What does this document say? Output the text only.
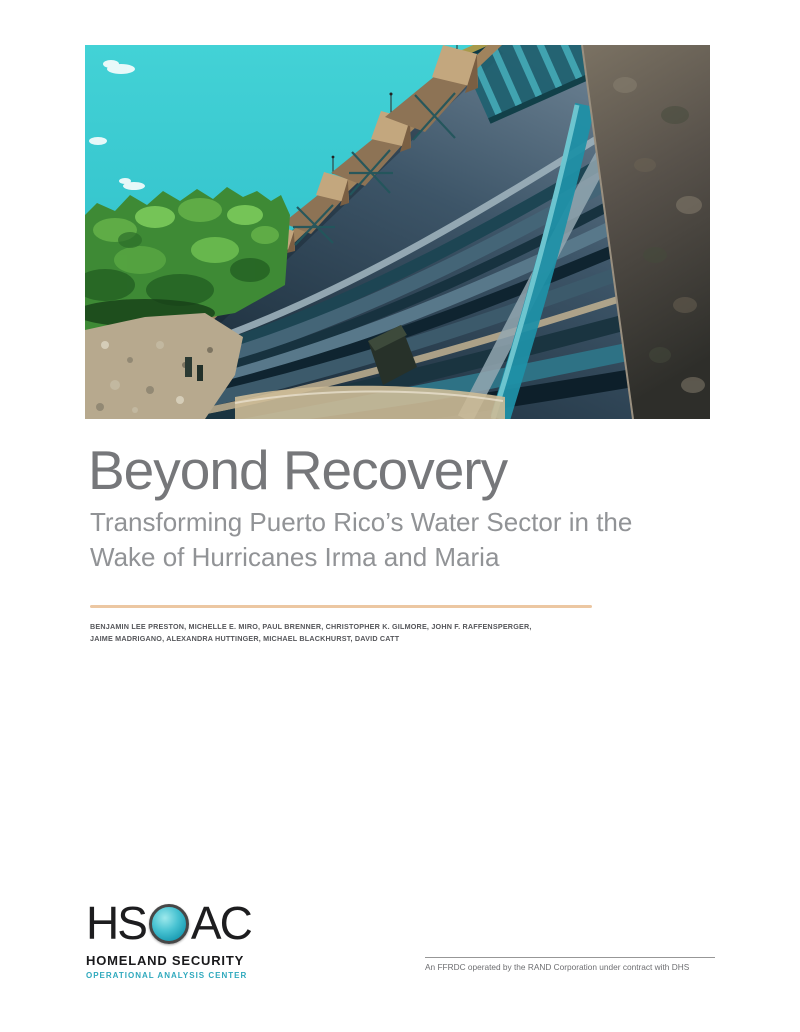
Beyond Recovery
Transforming Puerto Rico’s Water Sector in the
Wake of Hurricanes Irma and Maria
BENJAMIN LEE PRESTON, MICHELLE E. MIRO, PAUL BRENNER, CHRISTOPHER K. GILMORE, JOHN F. RAFFENSPERGER,
JAIME MADRIGANO, ALEXANDRA HUTTINGER, MICHAEL BLACKHURST, DAVID CATT
HS AC
HOMELAND SECURITY
OPERATIONAL ANALYSIS CENTER
An FFRDC operated by the RAND Corporation under contract with DHS
